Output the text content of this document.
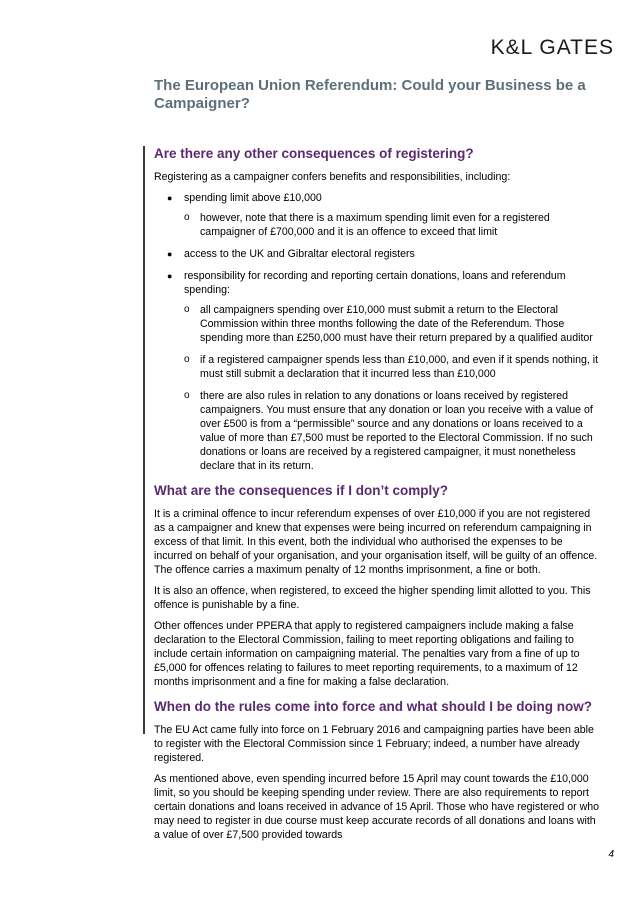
K&L GATES
The European Union Referendum: Could your Business be a Campaigner?
Are there any other consequences of registering?

Registering as a campaigner confers benefits and responsibilities, including:

● spending limit above £10,000
o however, note that there is a maximum spending limit even for a registered campaigner of £700,000 and it is an offence to exceed that limit
● access to the UK and Gibraltar electoral registers
● responsibility for recording and reporting certain donations, loans and referendum spending:
o all campaigners spending over £10,000 must submit a return to the Electoral Commission within three months following the date of the Referendum. Those spending more than £250,000 must have their return prepared by a qualified auditor
o if a registered campaigner spends less than £10,000, and even if it spends nothing, it must still submit a declaration that it incurred less than £10,000
o there are also rules in relation to any donations or loans received by registered campaigners. You must ensure that any donation or loan you receive with a value of over £500 is from a “permissible” source and any donations or loans received to a value of more than £7,500 must be reported to the Electoral Commission. If no such donations or loans are received by a registered campaigner, it must nonetheless declare that in its return.
What are the consequences if I don’t comply?

It is a criminal offence to incur referendum expenses of over £10,000 if you are not registered as a campaigner and knew that expenses were being incurred on referendum campaigning in excess of that limit. In this event, both the individual who authorised the expenses to be incurred on behalf of your organisation, and your organisation itself, will be guilty of an offence. The offence carries a maximum penalty of 12 months imprisonment, a fine or both.

It is also an offence, when registered, to exceed the higher spending limit allotted to you. This offence is punishable by a fine.

Other offences under PPERA that apply to registered campaigners include making a false declaration to the Electoral Commission, failing to meet reporting obligations and failing to include certain information on campaigning material. The penalties vary from a fine of up to £5,000 for offences relating to failures to meet reporting requirements, to a maximum of 12 months imprisonment and a fine for making a false declaration.

When do the rules come into force and what should I be doing now?

The EU Act came fully into force on 1 February 2016 and campaigning parties have been able to register with the Electoral Commission since 1 February; indeed, a number have already registered.

As mentioned above, even spending incurred before 15 April may count towards the £10,000 limit, so you should be keeping spending under review. There are also requirements to report certain donations and loans received in advance of 15 April. Those who have registered or who may need to register in due course must keep accurate records of all donations and loans with a value of over £7,500 provided towards

4
